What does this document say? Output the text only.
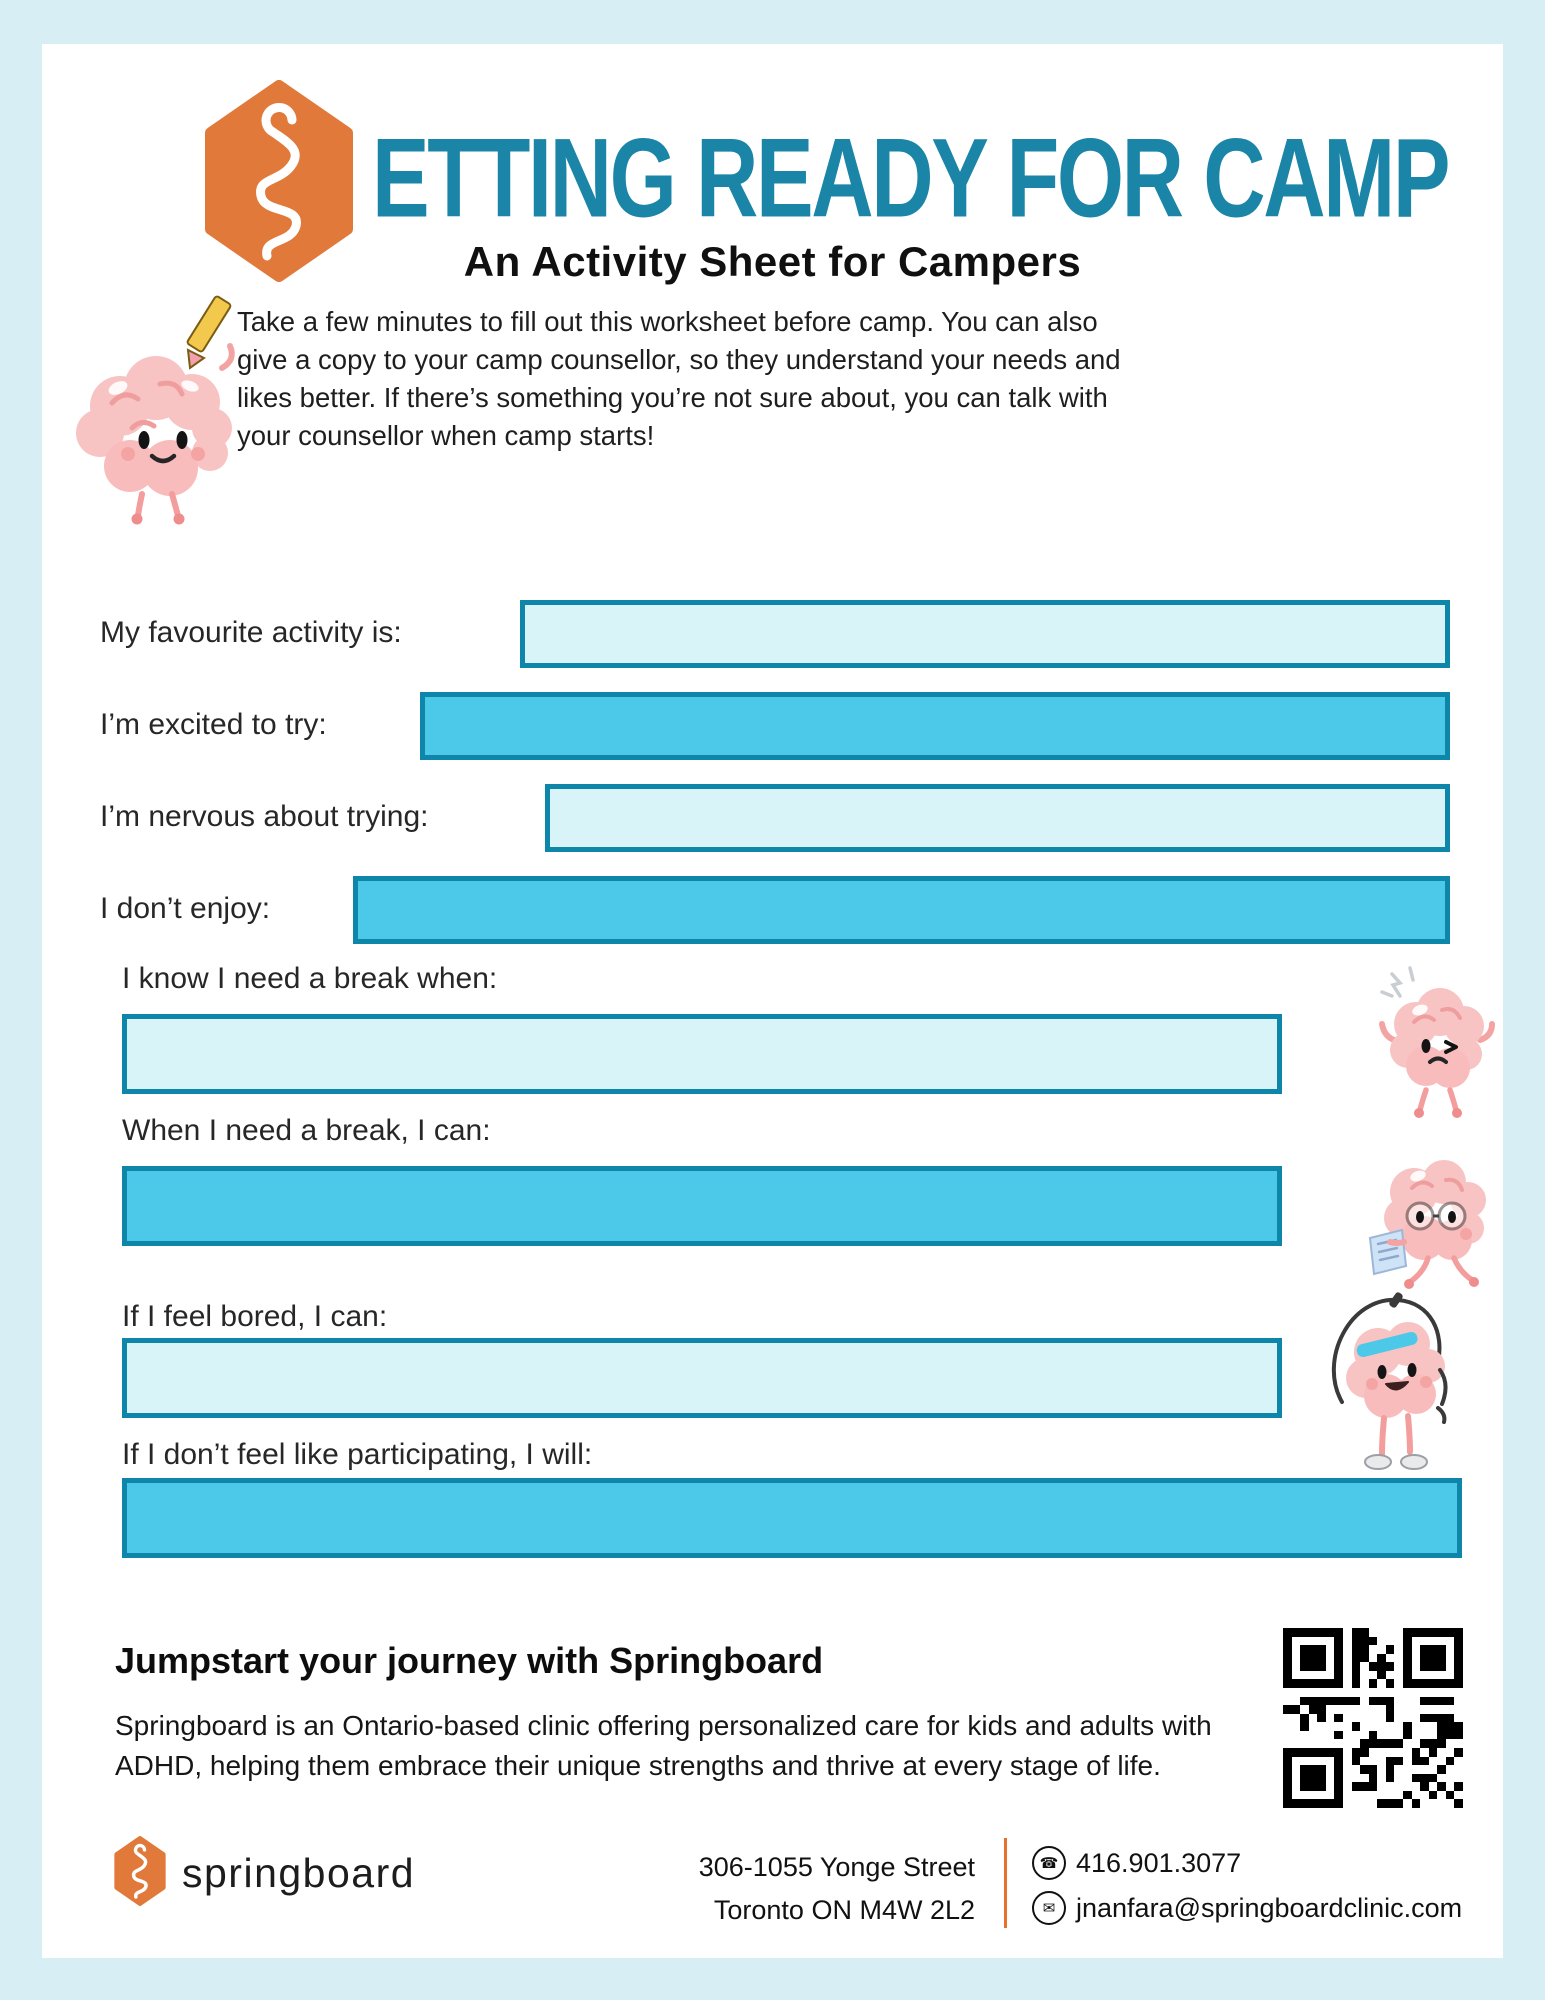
ETTING READY FOR CAMP
An Activity Sheet for Campers
Take a few minutes to fill out this worksheet before camp. You can also give a copy to your camp counsellor, so they understand your needs and likes better. If there’s something you’re not sure about, you can talk with your counsellor when camp starts!
My favourite activity is:
I’m excited to try:
I’m nervous about trying:
I don’t enjoy:
I know I need a break when:
When I need a break, I can:
If I feel bored, I can:
If I don’t feel like participating, I will:
Jumpstart your journey with Springboard
Springboard is an Ontario-based clinic offering personalized care for kids and adults with ADHD, helping them embrace their unique strengths and thrive at every stage of life.
springboard	306-1055 Yonge Street
Toronto ON M4W 2L2
☎ 416.901.3077
✉ jnanfara@springboardclinic.com
